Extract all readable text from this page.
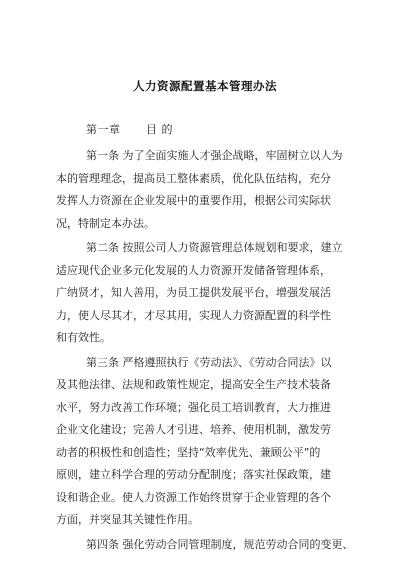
人力资源配置基本管理办法
第一章 目 的
第一条 为了全面实施人才强企战略，牢固树立以人为
本的管理理念，提高员工整体素质，优化队伍结构，充分
发挥人力资源在企业发展中的重要作用，根据公司实际状
况，特制定本办法。
第二条 按照公司人力资源管理总体规划和要求，建立
适应现代企业多元化发展的人力资源开发储备管理体系，
广纳贤才，知人善用，为员工提供发展平台，增强发展活
力，使人尽其才，才尽其用，实现人力资源配置的科学性
和有效性。
第三条 严格遵照执行《劳动法》、《劳动合同法》以
及其他法律、法规和政策性规定，提高安全生产技术装备
水平，努力改善工作环境；强化员工培训教育，大力推进
企业文化建设；完善人才引进、培养、使用机制，激发劳
动者的积极性和创造性；坚持“效率优先、兼顾公平”的
原则，建立科学合理的劳动分配制度；落实社保政策，建
设和谐企业。使人力资源工作始终贯穿于企业管理的各个
方面，并突显其关键性作用。
第四条 强化劳动合同管理制度，规范劳动合同的变更、
